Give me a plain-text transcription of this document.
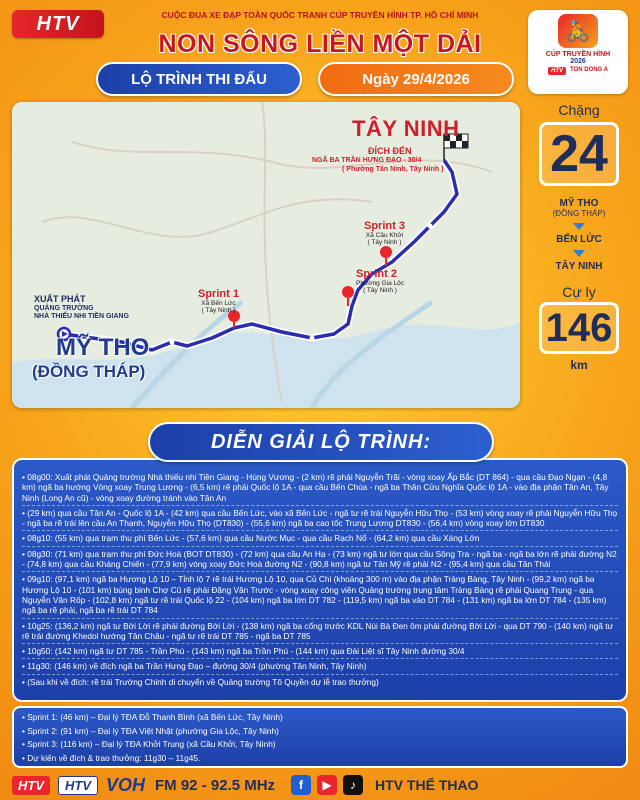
HTV	CUỘC ĐUA XE ĐẠP TOÀN QUỐC TRANH CÚP TRUYỀN HÌNH TP. HỒ CHÍ MINH
NON SÔNG LIỀN MỘT DẢI	🚴
CÚP TRUYỀN HÌNH
2026
HTV	TON DONG A
LỘ TRÌNH THI ĐẤU	Ngày 29/4/2026
TÂY NINH
ĐÍCH ĐẾN
NGÃ BA TRẦN HƯNG ĐẠO - 30/4
( Phường Tân Ninh, Tây Ninh )
XUẤT PHÁT
QUẢNG TRƯỜNG
NHÀ THIẾU NHI TIỀN GIANG
MỸ THO
(ĐỒNG THÁP)
Sprint 1
Xã Bến Lức
( Tây Ninh )
Sprint 2
Phường Gia Lộc
( Tây Ninh )
Sprint 3
Xã Cầu Khởi
( Tây Ninh )
Chặng
24
MỸ THO
(ĐỒNG THÁP)
BẾN LỨC
TÂY NINH
Cự ly
146
km
• 08g00: Xuất phát Quảng trường Nhà thiếu nhi Tiền Giang - Hùng Vương - (2 km) rẽ phải Nguyễn Trãi - vòng xoay Ấp Bắc (DT 864) - qua cầu Đạo Ngạn - (4,8 km) ngã ba hướng Vòng xoay Trung Lương - (6,5 km) rẽ phải Quốc lộ 1A - qua cầu Bến Chùa - ngã ba Thân Cửu Nghĩa Quốc lộ 1A - vào địa phận Tân An, Tây Ninh (Long An cũ) - vòng xoay đường tránh vào Tân An
• (29 km) qua cầu Tân An - Quốc lộ 1A - (42 km) qua cầu Bến Lức, vào xã Bến Lức - ngã tư rẽ trái Nguyễn Hữu Thọ - (53 km) vòng xoay rẽ phải Nguyễn Hữu Thọ - ngã ba rẽ trái lên cầu An Thạnh, Nguyễn Hữu Thọ (DT830) - (55,6 km) ngã ba cao tốc Trung Lương DT830 - (56,4 km) vòng xoay lớn DT830
• 08g10: (55 km) qua trạm thu phí Bến Lức - (57,6 km) qua cầu Nước Mục - qua cầu Rạch Nổ - (64,2 km) qua cầu Xáng Lớn
• 08g30: (71 km) qua trạm thu phí Đức Hoà (BOT DT830) - (72 km) qua cầu An Hạ - (73 km) ngã tư lớn qua cầu Sông Tra - ngã ba - ngã ba lớn rẽ phải đường N2 - (74,8 km) qua cầu Kháng Chiến - (77,9 km) vòng xoay Đức Hoà đường N2 - (90,8 km) ngã tư Tân Mỹ rẽ phải N2 - (95,4 km) qua cầu Tân Thái
• 09g10: (97,1 km) ngã ba Hương Lộ 10 – Tỉnh lộ 7 rẽ trái Hương Lộ 10, qua Củ Chi (khoảng 300 m) vào địa phận Trảng Bàng, Tây Ninh - (99,2 km) ngã ba Hương Lộ 10 - (101 km) bùng binh Chợ Cũ rẽ phải Đặng Văn Trước - vòng xoay công viên Quảng trường trung tâm Trảng Bàng rẽ phải Quang Trung - qua Nguyễn Văn Rốp - (102,8 km) ngã tư rẽ trái Quốc lộ 22 - (104 km) ngã ba lớn DT 782 - (119,5 km) ngã ba vào DT 784 - (131 km) ngã ba lớn DT 784 - (135 km) ngã ba rẽ phải, ngã ba rẽ trái DT 784
• 10g25: (136,2 km) ngã tư Bời Lời rẽ phải đường Bời Lời - (138 km) ngã ba cổng trước KDL Núi Bà Đen ôm phải đường Bời Lời - qua DT 790 - (140 km) ngã tư rẽ trái đường Khedol hướng Tân Châu - ngã tư rẽ trái DT 785 - ngã ba DT 785
• 10g50: (142 km) ngã tư DT 785 - Trần Phú - (143 km) ngã ba Trần Phú - (144 km) qua Đài Liệt sĩ Tây Ninh đường 30/4
• 11g30: (146 km) về đích ngã ba Trần Hưng Đạo – đường 30/4 (phường Tân Ninh, Tây Ninh)
• (Sau khi về đích: rẽ trái Trường Chinh di chuyển về Quảng trường Tô Quyền dự lễ trao thưởng)
DIỄN GIẢI LỘ TRÌNH:
• Sprint 1: (46 km) – Đại lý TĐA Đỗ Thanh Bình (xã Bến Lức, Tây Ninh)
• Sprint 2: (91 km) – Đại lý TĐA Việt Nhật (phường Gia Lộc, Tây Ninh)
• Sprint 3: (116 km) – Đại lý TĐA Khởi Trung (xã Cầu Khởi, Tây Ninh)
• Dự kiến về đích & trao thưởng: 11g30 – 11g45.
HTV	HTV VOH FM 92 - 92.5 MHz	f	▶	♪	HTV THỂ THAO
